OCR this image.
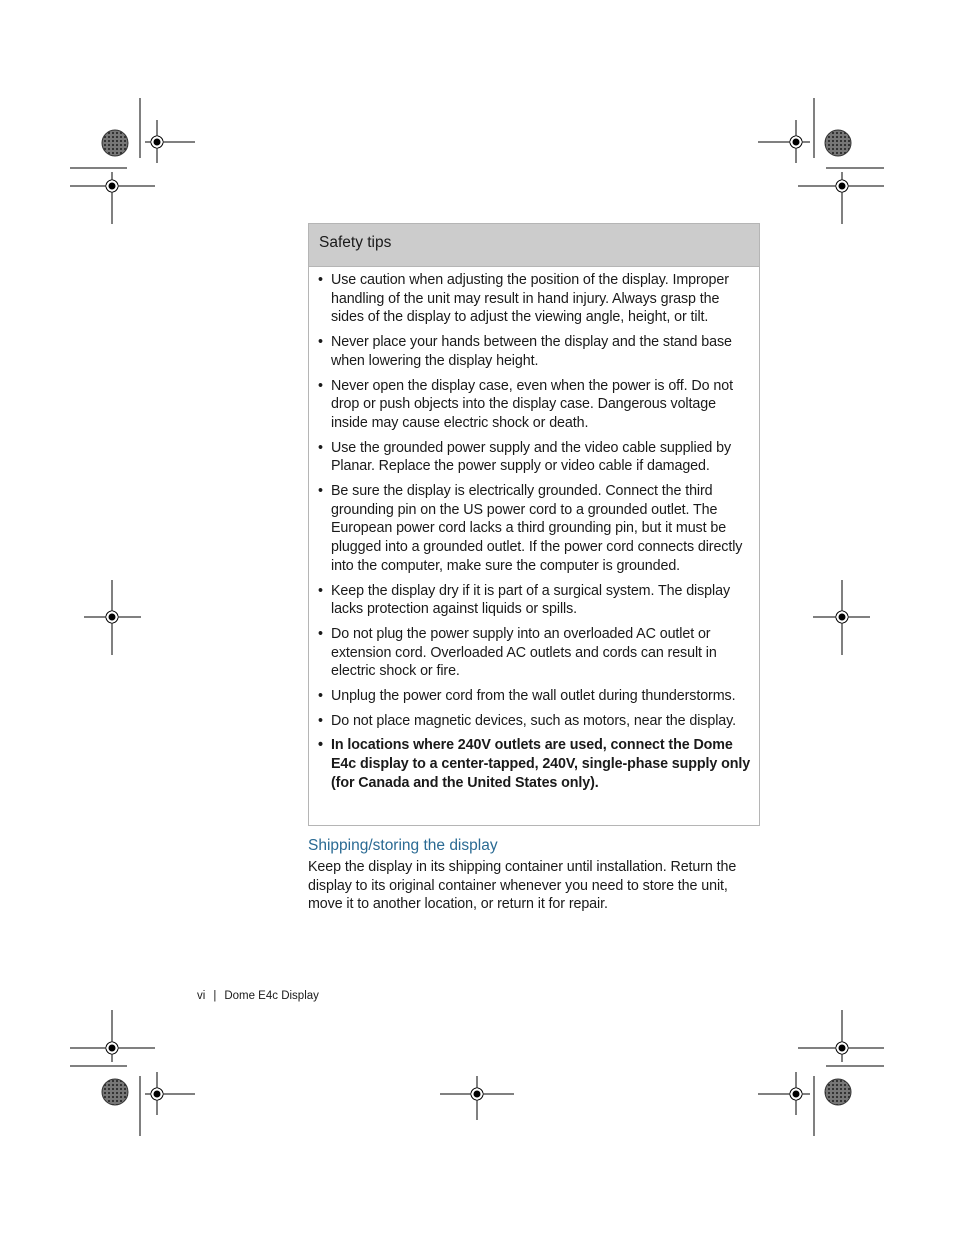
Safety tips
• Use caution when adjusting the position of the display. Improper handling of the unit may result in hand injury. Always grasp the sides of the display to adjust the viewing angle, height, or tilt.
• Never place your hands between the display and the stand base when lowering the display height.
• Never open the display case, even when the power is off. Do not drop or push objects into the display case. Dangerous voltage inside may cause electric shock or death.
• Use the grounded power supply and the video cable supplied by Planar. Replace the power supply or video cable if damaged.
• Be sure the display is electrically grounded. Connect the third grounding pin on the US power cord to a grounded outlet. The European power cord lacks a third grounding pin, but it must be plugged into a grounded outlet. If the power cord connects directly into the computer, make sure the computer is grounded.
• Keep the display dry if it is part of a surgical system. The display lacks protection against liquids or spills.
• Do not plug the power supply into an overloaded AC outlet or extension cord. Overloaded AC outlets and cords can result in electric shock or fire.
• Unplug the power cord from the wall outlet during thunderstorms.
• Do not place magnetic devices, such as motors, near the display.
• In locations where 240V outlets are used, connect the Dome E4c display to a center-tapped, 240V, single-phase supply only (for Canada and the United States only).
Shipping/storing the display
Keep the display in its shipping container until installation. Return the display to its original container whenever you need to store the unit, move it to another location, or return it for repair.
vi | Dome E4c Display
